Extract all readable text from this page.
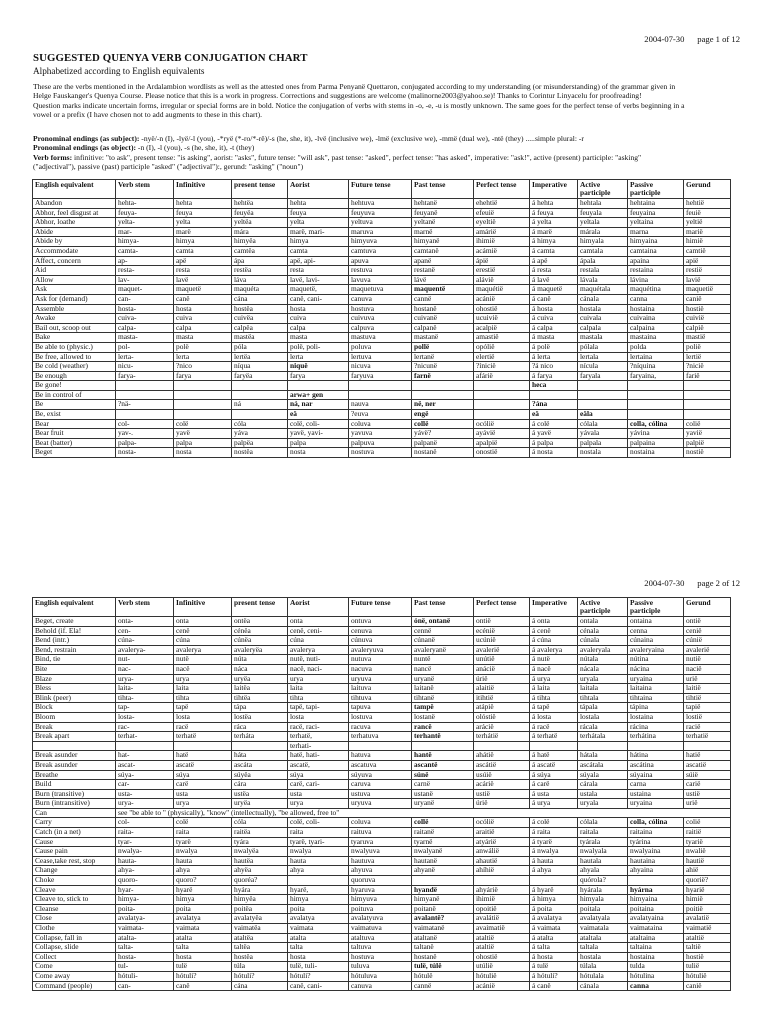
2004-07-30 page 1 of 12
SUGGESTED QUENYA VERB CONJUGATION CHART
Alphabetized according to English equivalents

These are the verbs mentioned in the Ardalambion wordlists as well as the attested ones from Parma Penyanë Quettaron, conjugated according to my understanding (or misunderstanding) of the grammar given in

Helge Fauskanger's Quenya Course. Please notice that this is a work in progress. Corrections and suggestions are welcome (malinorne2003@yahoo.se)! Thanks to Corintur Linyacelu for proofreading!

Question marks indicate uncertain forms, irregular or special forms are in bold. Notice the conjugation of verbs with stems in -o, -e, -u is mostly unknown. The same goes for the perfect tense of verbs beginning in a

vowel or a prefix (I have chosen not to add augments to these in this chart).

Pronominal endings (as subject): -nyë/-n (I), -lyë/-l (you), -*ryë (*-ro/*-rë)/-s (he, she, it), -lvë (inclusive we), -lmë (exclusive we), -mmë (dual we), -ntë (they) .....simple plural: -r

Pronominal endings (as object): -n (I), -l (you), -s (he, she, it), -t (they)

Verb forms: infinitive: "to ask", present tense: "is asking", aorist: "asks", future tense: "will ask", past tense: "asked", perfect tense: "has asked", imperative: "ask!", active (present) participle: "asking"

("adjectival"), passive (past) participle "asked" ("adjectival"):, gerund: "asking" ("noun")

English equivalent	Verb stem	Infinitive	present tense	Aorist	Future tense	Past tense	Perfect tense	Imperative	Active participle	Passive participle	Gerund
Abandon	hehta-	hehta	hehtëa	hehta	hehtuva	hehtanë	ehehtië	á hehta	hehtala	hehtaina	hehtië
Abhor, feel disgust at	feuya-	feuya	feuyëa	feuya	feuyuva	feuyanë	efeuië	á feuya	feuyala	feuyaina	feuië
Abhor, loathe	yelta-	yelta	yeltëa	yelta	yeltuva	yeltanë	eyeltië	á yelta	yeltala	yeltaina	yeltië
Abide	mar-	marë	mára	marë, mari-	maruva	marnë	amárië	á marë	márala	marna	marië
Abide by	himya-	himya	himyëa	himya	himyuva	himyanë	ihimië	á himya	himyala	himyaina	himië
Accommodate	camta-	camta	camtëa	camta	camtuva	camtanë	acámië	á camta	camtala	camtaina	camtië
Affect, concern	ap-	apë	ápa	apë, api-	apuva	apanë	ápië	á apë	ápala	apaina	apië
Aid	resta-	resta	restëa	resta	restuva	restanë	erestië	á resta	restala	restaina	restië
Allow	lav-	lavë	láva	lavë, lavi-	lavuva	lávë	alávië	á lavë	lávala	lávina	lavië
Ask	maquet-	maquetë	maquéta	maquetë,	maquetuva	maquentë	maquétië	á maquetë	maquétala	maquétina	maquetië
Ask for (demand)	can-	canë	cána	canë, cani-	canuva	cannë	acánië	á canë	cánala	canna	canië
Assemble	hosta-	hosta	hostëa	hosta	hostuva	hostanë	ohostië	á hosta	hostala	hostaina	hostië
Awake	cuiva-	cuiva	cuivëa	cuiva	cuivuva	cuivanë	ucuivië	á cuiva	cuivala	cuivaina	cuivië
Bail out, scoop out	calpa-	calpa	calpëa	calpa	calpuva	calpanë	acalpië	á calpa	calpala	calpaina	calpië
Bake	masta-	masta	mastëa	masta	mastuva	mastanë	amastië	á masta	mastala	mastaina	mastië
Be able to (physic.)	pol-	polë	póla	polë, poli-	poluva	pollë	opólië	á polë	pólala	polda	polië
Be free, allowed to	lerta-	lerta	lertëa	lerta	lertuva	lertanë	elertië	á lerta	lertala	lertaina	lertië
Be cold (weather)	nicu-	?nico	níqua	niquë	nicuva	?nicunë	?ínicië	?á nico	nícula	?níquina	?nicië
Be enough	farya-	farya	faryëa	farya	faryuva	farnë	afárië	á farya	faryala	faryaina,	farië
Be gone!								heca			
Be in control of				arwa+ gen							
Be	?nä-		ná	ná, nar	nauva	në, ner		?ána			
Be, exist				eä	?euva	engë		eä	eäla		
Bear	col-	colë	cóla	colë, coli-	coluva	collë	ocólië	á colë	cólala	colla, cólina	colië
Bear fruit	yav-.	yavë	yáva	yavë, yavi-	yavuva	yávë?	ayávië	á yavë	yávala	yávina	yavië
Beat (batter)	palpa-	palpa	palpëa	palpa	palpuva	palpanë	apalpië	á palpa	palpala	palpaina	palpië
Beget	nosta-	nosta	nostëa	nosta	nostuva	nostanë	onostië	á nosta	nostala	nostaina	nostië
2004-07-30 page 2 of 12
English equivalent	Verb stem	Infinitive	present tense	Aorist	Future tense	Past tense	Perfect tense	Imperative	Active participle	Passive participle	Gerund
Beget, create	onta-	onta	ontëa	onta	ontuva	ónë, ontanë	ontië	á onta	ontala	ontaina	ontië
Behold (if. Ela!	cen-	cenë	cénëa	cenë, ceni-	cenuva	cennë	ecénië	á cenë	cénala	cenna	cenië
Bend (intr.)	cúna-	cúna	cúnëa	cúna	cúnuva	cúnanë	ucúnië	á cúna	cúnala	cúnaina	cúnië
Bend, restrain	avalerya-	avalerya	avaleryëa	avalerya	avaleryuva	avaleryanë	avalerië	á avalerya	avaleryala	avaleryaina	avalerië
Bind, tie	nut-	nutë	núta	nutë, nuti-	nutuva	nuntë	unútië	á nutë	nútala	nútina	nutië
Bite	nac-	nacë	náca	nacë, naci-	nacuva	nancë	anácië	á nacë	nácala	nácina	nacië
Blaze	urya-	urya	uryëa	urya	uryuva	uryanë	úrië	á urya	uryala	uryaina	urië
Bless	laita-	laita	laitëa	laita	laituva	laitanë	alaitië	á laita	laitala	laitaina	laitië
Blink (peer)	tihta-	tihta	tihtëa	tihta	tihtuva	tihtanë	itihtië	á tihta	tihtala	tihtaina	tihtië
Block	tap-	tapë	tápa	tapë, tapi-	tapuva	tampë	atápië	á tapë	tápala	tápina	tapië
Bloom	losta-	losta	lostëa	losta	lostuva	lostanë	olóstië	á losta	lostala	lostaina	lostië
Break	rac-	racë	ráca	racë, raci-	racuva	rancë	arácië	á racë	rácala	rácina	racië
Break apart	terhat-	terhatë	terháta	terhatë,	terhatuva	terhantë	terhátië	á terhatë	terhátala	terhátina	terhatië
				terhati-							
Break asunder	hat-	hatë	háta	hatë, hati-	hatuva	hantë	ahátië	á hatë	hátala	hátina	hatië
Break asunder	ascat-	ascatë	ascáta	ascatë,	ascatuva	ascantë	ascátië	á ascatë	ascátala	ascátina	ascatië
Breathe	súya-	súya	súyëa	súya	súyuva	súnë	usúië	á súya	súyala	súyaina	súië
Build	car-	carë	cára	carë, cari-	caruva	carnë	acárië	á carë	cárala	carna	carië
Burn (transitive)	usta-	usta	ustëa	usta	ustuva	ustanë	ustië	á usta	ustala	ustaina	ustië
Burn (intransitive)	urya-	urya	uryëa	urya	uryuva	uryanë	úrië	á urya	uryala	uryaina	urië
Can	see "be able to " (physically), "know" (intellectually), "be allowed, free to"										
Carry	col-	colë	cóla	colë, coli-	coluva	collë	ocólië	á colë	cólala	colla, cólina	colië
Catch (in a net)	raita-	raita	raitëa	raita	raituva	raitanë	araitië	á raita	raitala	raitaina	raitië
Cause	tyar-	tyarë	tyára	tyarë, tyari-	tyaruva	tyarnë	atyárië	á tyarë	tyárala	tyárina	tyarië
Cause pain	nwalya-	nwalya	nwalyëa	nwalya	nwalyuva	nwalyanë	anwálië	á nwalya	nwalyala	nwalyaina	nwalië
Cease,take rest, stop	hauta-	hauta	hautëa	hauta	hautuva	hautanë	ahautië	á hauta	hautala	hautaina	hautië
Change	ahya-	ahya	ahyëa	ahya	ahyuva	ahyanë	ahíhië	á ahya	ahyala	ahyaina	ahië
Choke	quoro-	quoro?	quoréa?		quoruva				quórola?		quorië?
Cleave	hyar-	hyarë	hyára	hyarë,	hyaruva	hyandë	ahyárië	á hyarë	hyárala	hyárna	hyarië
Cleave to, stick to	himya-	himya	himyëa	himya	himyuva	himyanë	ihimië	á himya	himyala	himyaina	himië
Cleanse	poita-	poita	poitëa	poita	poituva	poitanë	opoitië	á poita	poitala	poitaina	poitië
Close	avalatya-	avalatya	avalatyëa	avalatya	avalatyuva	avalantë?	avalátië	á avalatya	avalatyala	avalatyaina	avalatië
Clothe	vaimata-	vaimata	vaimatëa	vaimata	vaimatuva	vaimatanë	avaimatië	á vaimata	vaimatala	vaimataina	vaimatië
Collapse, fall in	atalta-	atalta	ataltëa	atalta	ataltuva	ataltanë	ataltië	á atalta	ataltala	ataltaina	ataltië
Collapse, slide	talta-	talta	taltëa	talta	taltuva	taltanë	ataltië	á talta	taltala	taltaina	taltië
Collect	hosta-	hosta	hostëa	hosta	hostuva	hostanë	ohostië	á hosta	hostala	hostaina	hostië
Come	tul-	tulë	túla	tulë, tuli-	tuluva	tulë, túlë	utúlië	á tulë	túlala	tulda	tulië
Come away	hótuli-	hótuli?	hótuli?	hótuli?	hótuluva	hótulë	hótulië	á hótuli?	hótulala	hótulina	hótulië
Command (people)	can-	canë	cána	canë, cani-	canuva	cannë	acánië	á canë	cánala	canna	canië
